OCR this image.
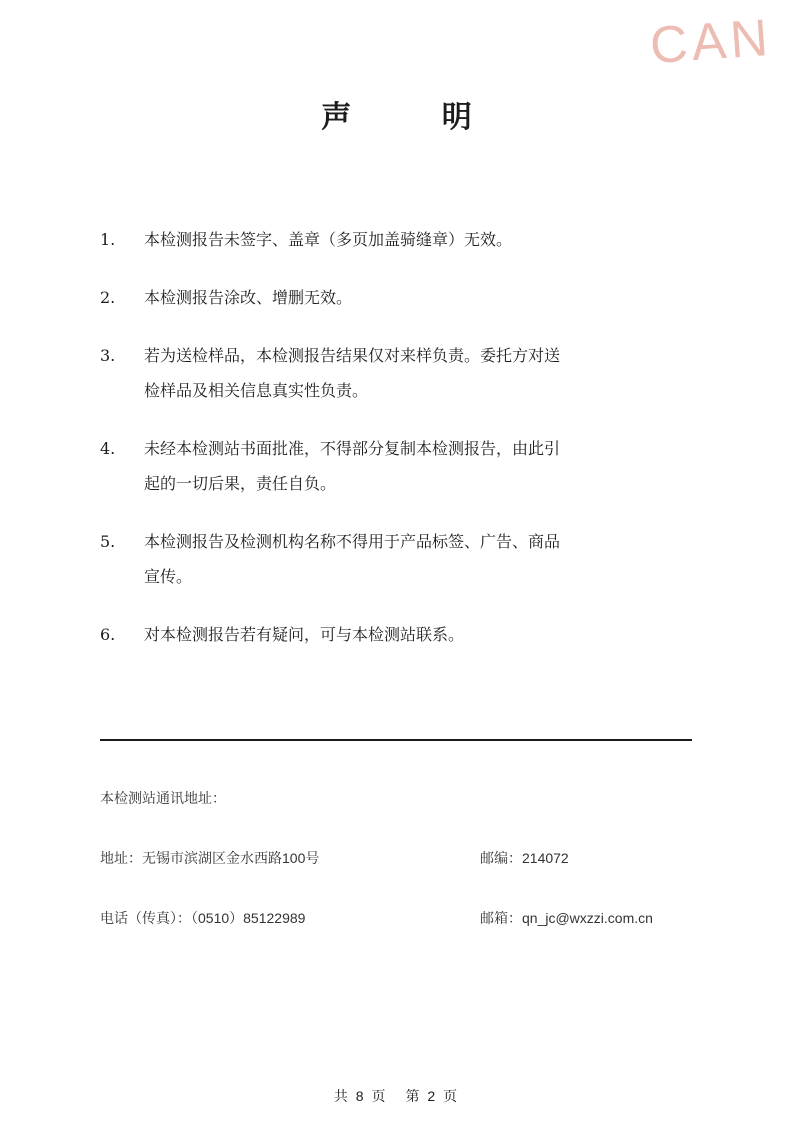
CAN
声 明
1.	本检测报告未签字、盖章（多页加盖骑缝章）无效。
2.	本检测报告涂改、增删无效。
3.	若为送检样品，本检测报告结果仅对来样负责。委托方对送
检样品及相关信息真实性负责。
4.	未经本检测站书面批准，不得部分复制本检测报告，由此引
起的一切后果，责任自负。
5.	本检测报告及检测机构名称不得用于产品标签、广告、商品
宣传。
6.	对本检测报告若有疑问，可与本检测站联系。
本检测站通讯地址：
地址：无锡市滨湖区金水西路100号	邮编：214072
电话（传真）：（0510）85122989	邮箱：qn_jc@wxzzi.com.cn
共 8 页 第 2 页
